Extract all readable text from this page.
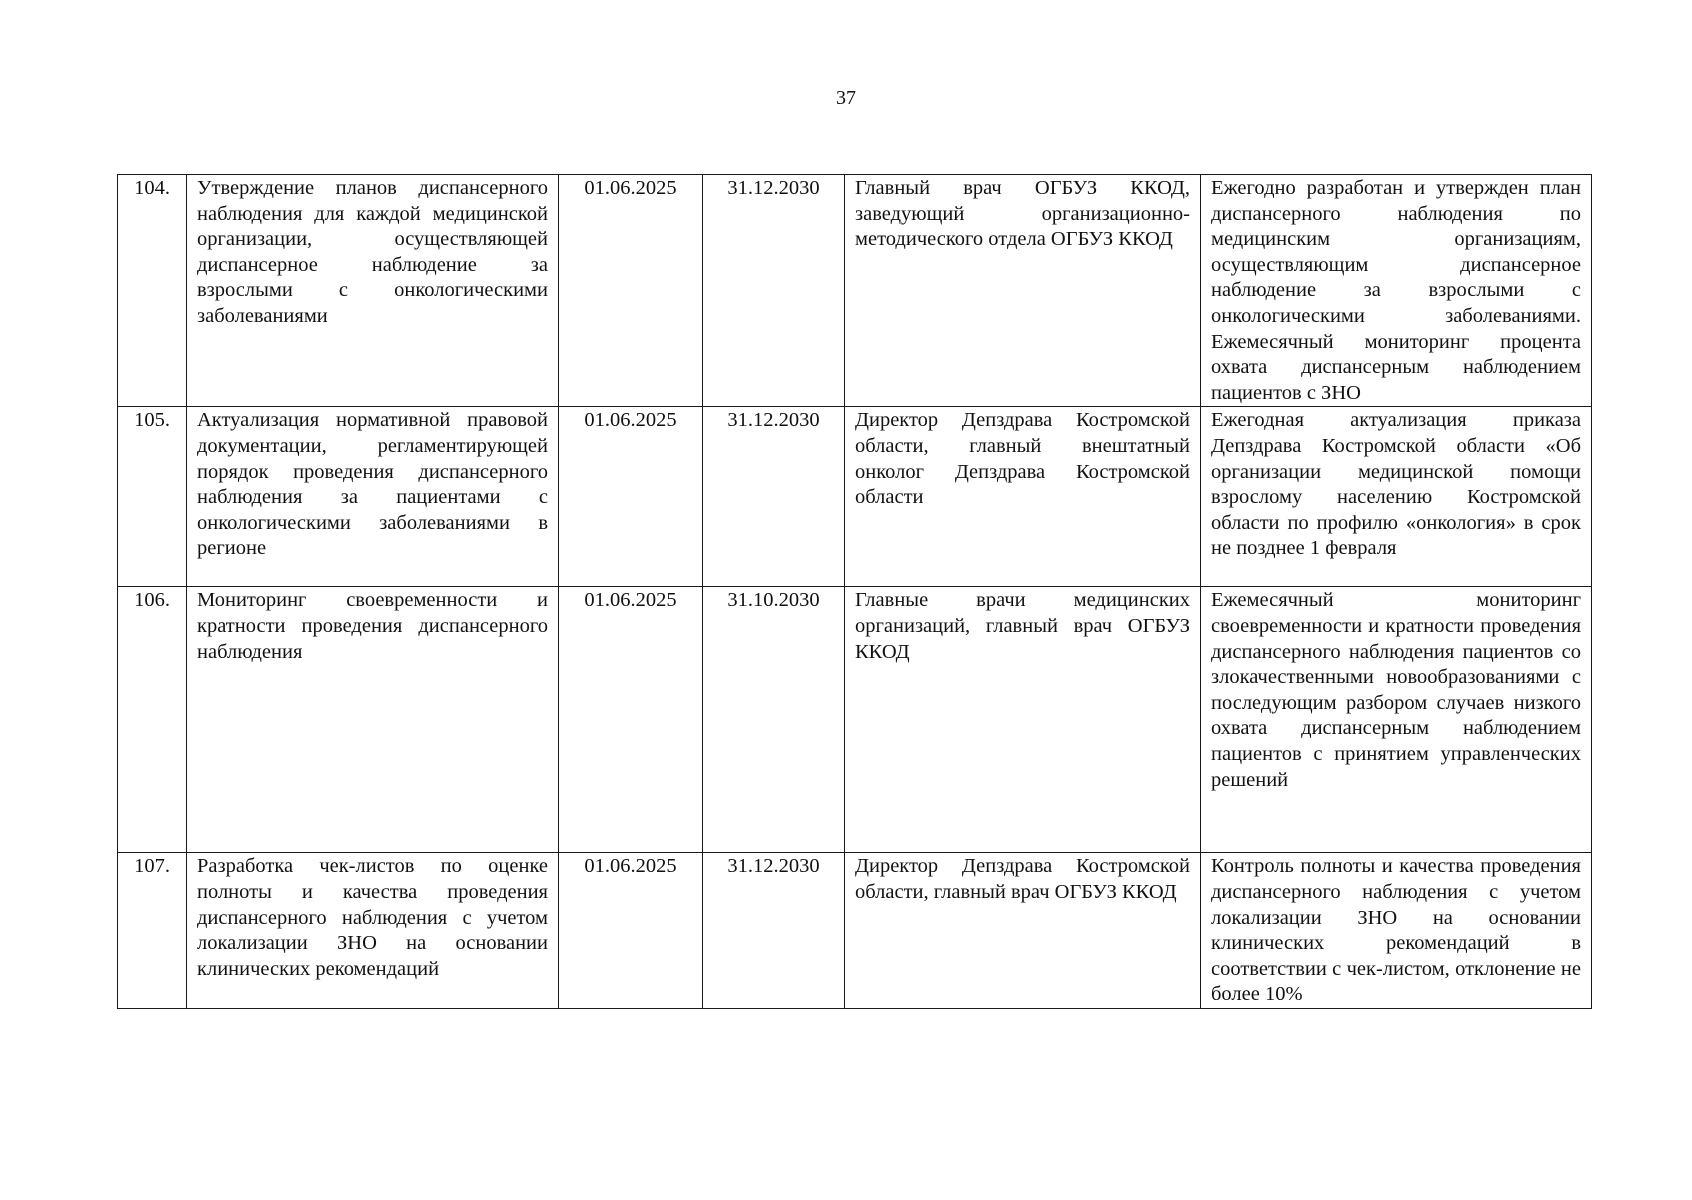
37
104.	Утверждение планов диспансерного наблюдения для каждой медицинской организации, осуществляющей диспансерное наблюдение за взрослыми с онкологическими заболеваниями	01.06.2025	31.12.2030	Главный врач ОГБУЗ ККОД, заведующий организационно-методического отдела ОГБУЗ ККОД	Ежегодно разработан и утвержден план диспансерного наблюдения по медицинским организациям, осуществляющим диспансерное наблюдение за взрослыми с онкологическими заболеваниями. Ежемесячный мониторинг процента охвата диспансерным наблюдением пациентов с ЗНО
105.	Актуализация нормативной правовой документации, регламентирующей порядок проведения диспансерного наблюдения за пациентами с онкологическими заболеваниями в регионе	01.06.2025	31.12.2030	Директор Депздрава Костромской области, главный внештатный онколог Депздрава Костромской области	Ежегодная актуализация приказа Депздрава Костромской области «Об организации медицинской помощи взрослому населению Костромской области по профилю «онкология» в срок не позднее 1 февраля
106.	Мониторинг своевременности и кратности проведения диспансерного наблюдения	01.06.2025	31.10.2030	Главные врачи медицинских организаций, главный врач ОГБУЗ ККОД	Ежемесячный мониторинг своевременности и кратности проведения диспансерного наблюдения пациентов со злокачественными новообразованиями с последующим разбором случаев низкого охвата диспансерным наблюдением пациентов с принятием управленческих решений
107.	Разработка чек-листов по оценке полноты и качества проведения диспансерного наблюдения с учетом локализации ЗНО на основании клинических рекомендаций	01.06.2025	31.12.2030	Директор Депздрава Костромской области, главный врач ОГБУЗ ККОД	Контроль полноты и качества проведения диспансерного наблюдения с учетом локализации ЗНО на основании клинических рекомендаций в соответствии с чек-листом, отклонение не более 10%
